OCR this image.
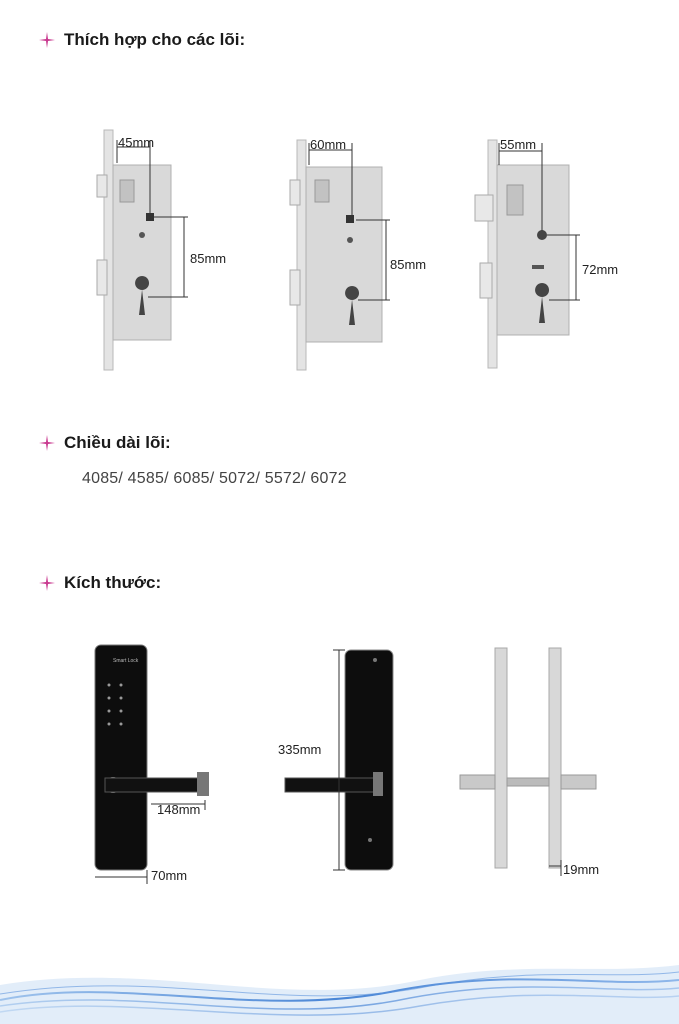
Thích hợp cho các lõi:
45mm
85mm
60mm
85mm
55mm
72mm
Chiều dài lõi:
4085/ 4585/ 6085/ 5072/ 5572/ 6072
Kích thước:
Smart Lock
70mm
148mm
335mm
19mm
